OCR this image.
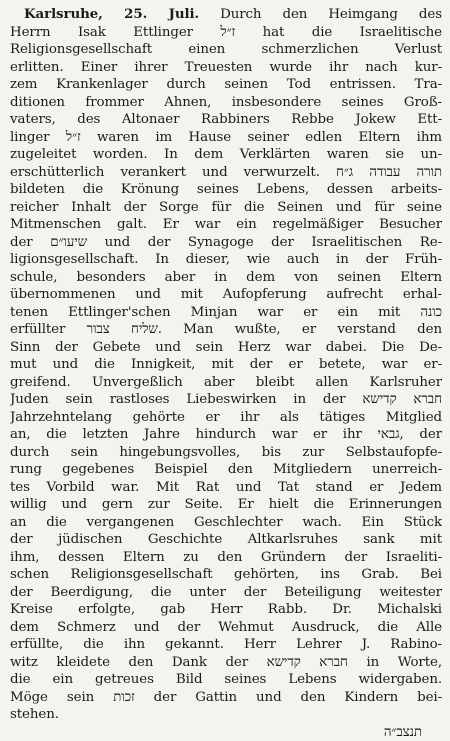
Karlsruhe, 25. Juli. Durch den Heimgang des
Herrn Isak Ettlinger ז״ל hat die Israelitische
Religionsgesellschaft einen schmerzlichen Verlust
erlitten. Einer ihrer Treuesten wurde ihr nach kur-
zem Krankenlager durch seinen Tod entrissen. Tra-
ditionen frommer Ahnen, insbesondere seines Groß-
vaters, des Altonaer Rabbiners Rebbe Jokew Ett-
linger ז״ל waren im Hause seiner edlen Eltern ihm
zugeleitet worden. In dem Verklärten waren sie un-
erschütterlich verankert und verwurzelt. תורה עבודה ג״ח
bildeten die Krönung seines Lebens, dessen arbeits-
reicher Inhalt der Sorge für die Seinen und für seine
Mitmenschen galt. Er war ein regelmäßiger Besucher
der שיעו״ם und der Synagoge der Israelitischen Re-
ligionsgesellschaft. In dieser, wie auch in der Früh-
schule, besonders aber in dem von seinen Eltern
übernommenen und mit Aufopferung aufrecht erhal-
tenen Ettlinger'schen Minjan war er ein mit כונה
erfüllter שליח צבור. Man wußte, er verstand den
Sinn der Gebete und sein Herz war dabei. Die De-
mut und die Innigkeit, mit der er betete, war er-
greifend. Unvergeßlich aber bleibt allen Karlsruher
Juden sein rastloses Liebeswirken in der חברא קדישא
Jahrzehntelang gehörte er ihr als tätiges Mitglied
an, die letzten Jahre hindurch war er ihr גבאי, der
durch sein hingebungsvolles, bis zur Selbstaufopfe-
rung gegebenes Beispiel den Mitgliedern unerreich-
tes Vorbild war. Mit Rat und Tat stand er Jedem
willig und gern zur Seite. Er hielt die Erinnerungen
an die vergangenen Geschlechter wach. Ein Stück
der jüdischen Geschichte Altkarlsruhes sank mit
ihm, dessen Eltern zu den Gründern der Israeliti-
schen Religionsgesellschaft gehörten, ins Grab. Bei
der Beerdigung, die unter der Beteiligung weitester
Kreise erfolgte, gab Herr Rabb. Dr. Michalski
dem Schmerz und der Wehmut Ausdruck, die Alle
erfüllte, die ihn gekannt. Herr Lehrer J. Rabino-
witz kleidete den Dank der חברא קדישא in Worte,
die ein getreues Bild seines Lebens widergaben.
Möge sein זכות der Gattin und den Kindern bei-
stehen.
תנצב״ה
